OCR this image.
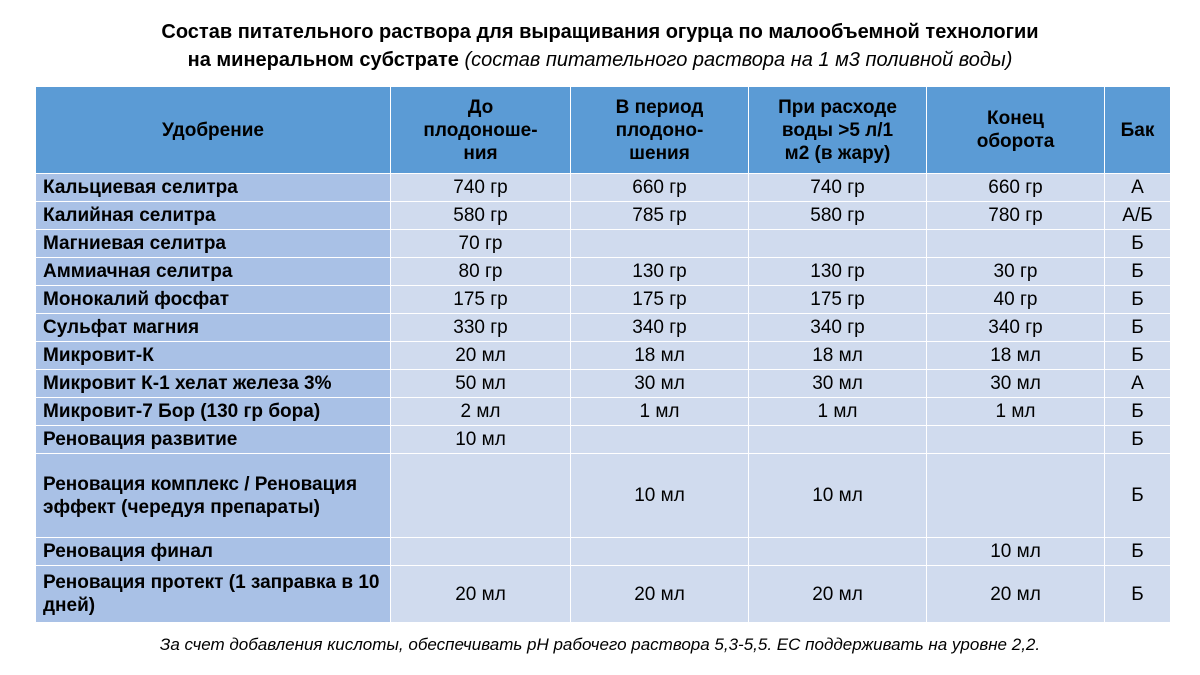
Состав питательного раствора для выращивания огурца по малообъемной технологии
на минеральном субстрате (состав питательного раствора на 1 м3 поливной воды)
Удобрение	До
плодоноше-
ния	В период
плодоно-
шения	При расходе
воды >5 л/1
м2 (в жару)	Конец
оборота	Бак
Кальциевая селитра	740 гр	660 гр	740 гр	660 гр	А
Калийная селитра	580 гр	785 гр	580 гр	780 гр	А/Б
Магниевая селитра	70 гр				Б
Аммиачная селитра	80 гр	130 гр	130 гр	30 гр	Б
Монокалий фосфат	175 гр	175 гр	175 гр	40 гр	Б
Сульфат магния	330 гр	340 гр	340 гр	340 гр	Б
Микровит-К	20 мл	18 мл	18 мл	18 мл	Б
Микровит К-1 хелат железа 3%	50 мл	30 мл	30 мл	30 мл	А
Микровит-7 Бор (130 гр бора)	2 мл	1 мл	1 мл	1 мл	Б
Реновация развитие	10 мл				Б
Реновация комплекс / Реновация эффект (чередуя препараты)		10 мл	10 мл		Б
Реновация финал				10 мл	Б
Реновация протект (1 заправка в 10 дней)	20 мл	20 мл	20 мл	20 мл	Б
За счет добавления кислоты, обеспечивать pH рабочего раствора 5,3-5,5. ЕС поддерживать на уровне 2,2.
